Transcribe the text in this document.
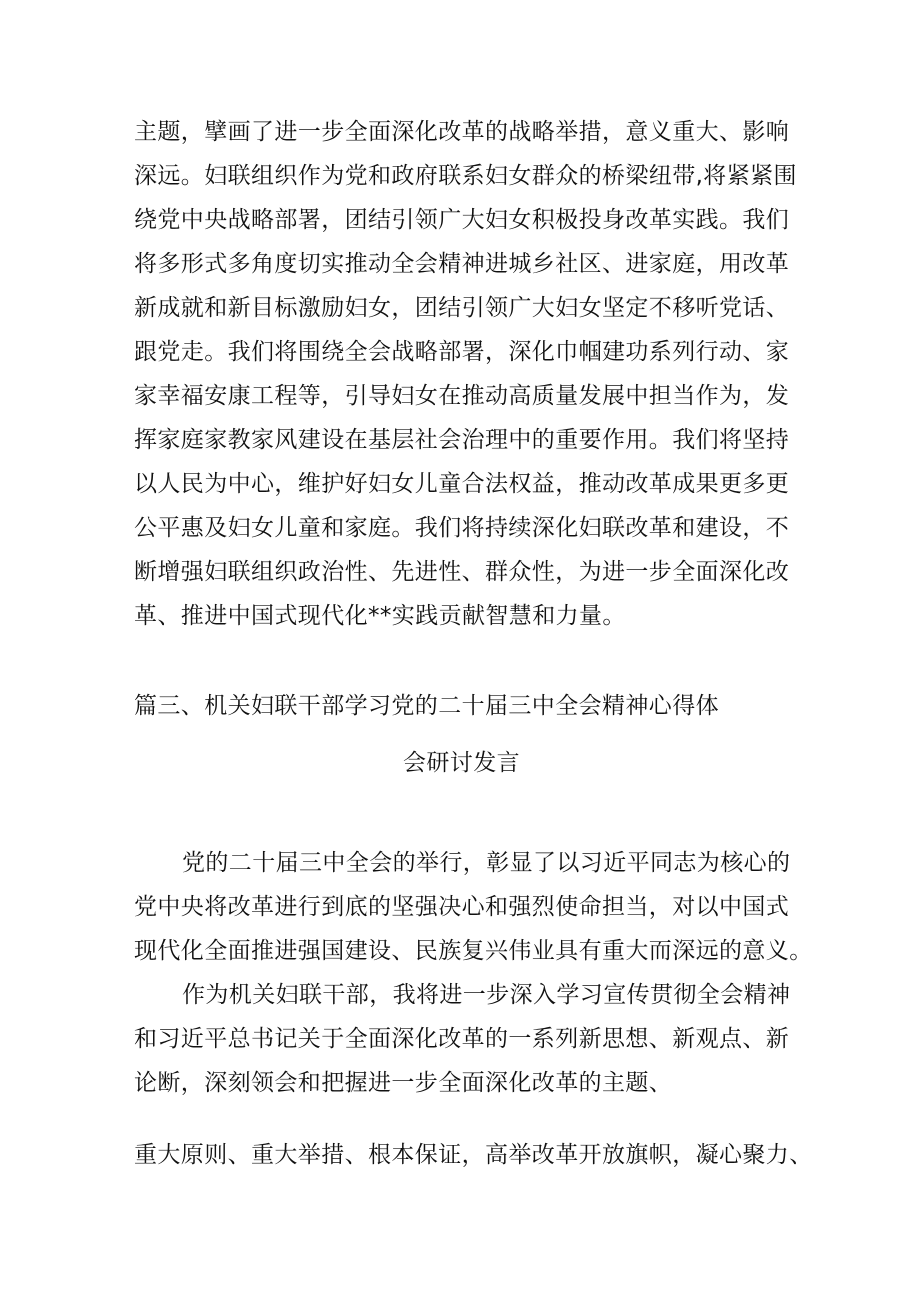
主题，擘画了进一步全面深化改革的战略举措，意义重大、影响
深远。妇联组织作为党和政府联系妇女群众的桥梁纽带,将紧紧围
绕党中央战略部署，团结引领广大妇女积极投身改革实践。我们
将多形式多角度切实推动全会精神进城乡社区、进家庭，用改革
新成就和新目标激励妇女，团结引领广大妇女坚定不移听党话、
跟党走。我们将围绕全会战略部署，深化巾帼建功系列行动、家
家幸福安康工程等，引导妇女在推动高质量发展中担当作为，发
挥家庭家教家风建设在基层社会治理中的重要作用。我们将坚持
以人民为中心，维护好妇女儿童合法权益，推动改革成果更多更
公平惠及妇女儿童和家庭。我们将持续深化妇联改革和建设，不
断增强妇联组织政治性、先进性、群众性，为进一步全面深化改
革、推进中国式现代化**实践贡献智慧和力量。
篇三、机关妇联干部学习党的二十届三中全会精神心得体
会研讨发言
党的二十届三中全会的举行，彰显了以习近平同志为核心的
党中央将改革进行到底的坚强决心和强烈使命担当，对以中国式
现代化全面推进强国建设、民族复兴伟业具有重大而深远的意义。
作为机关妇联干部，我将进一步深入学习宣传贯彻全会精神
和习近平总书记关于全面深化改革的一系列新思想、新观点、新
论断，深刻领会和把握进一步全面深化改革的主题、
重大原则、重大举措、根本保证，高举改革开放旗帜，凝心聚力、
